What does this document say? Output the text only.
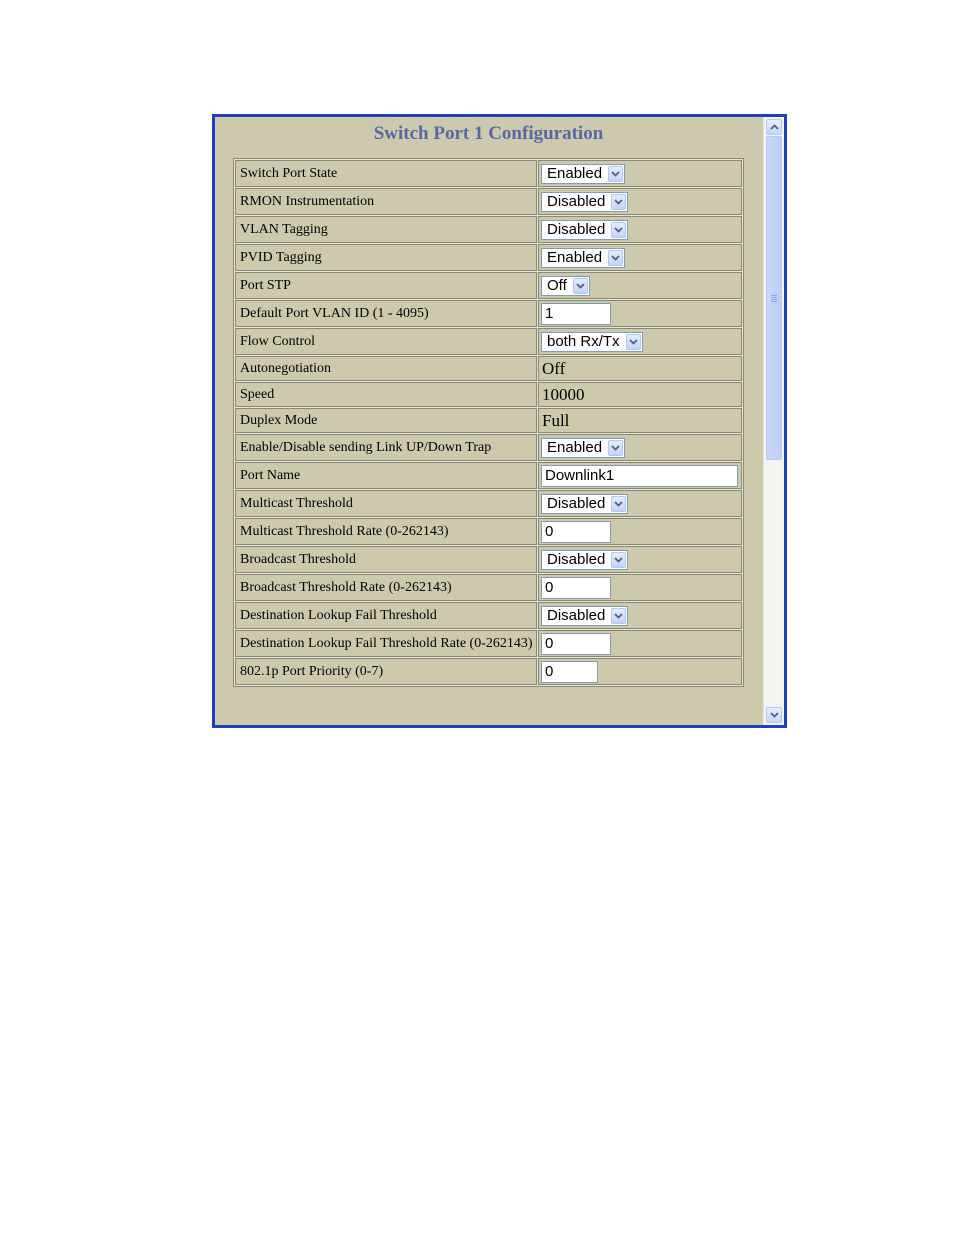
Switch Port 1 Configuration
Switch Port State	Enabled

RMON Instrumentation	Disabled

VLAN Tagging	Disabled

PVID Tagging	Enabled

Port STP	Off

Default Port VLAN ID (1 - 4095)	1
Flow Control	both Rx/Tx

Autonegotiation	Off
Speed	10000
Duplex Mode	Full
Enable/Disable sending Link UP/Down Trap	Enabled

Port Name	Downlink1
Multicast Threshold	Disabled

Multicast Threshold Rate (0-262143)	0
Broadcast Threshold	Disabled

Broadcast Threshold Rate (0-262143)	0
Destination Lookup Fail Threshold	Disabled

Destination Lookup Fail Threshold Rate (0-262143)	0
802.1p Port Priority (0-7)	0
